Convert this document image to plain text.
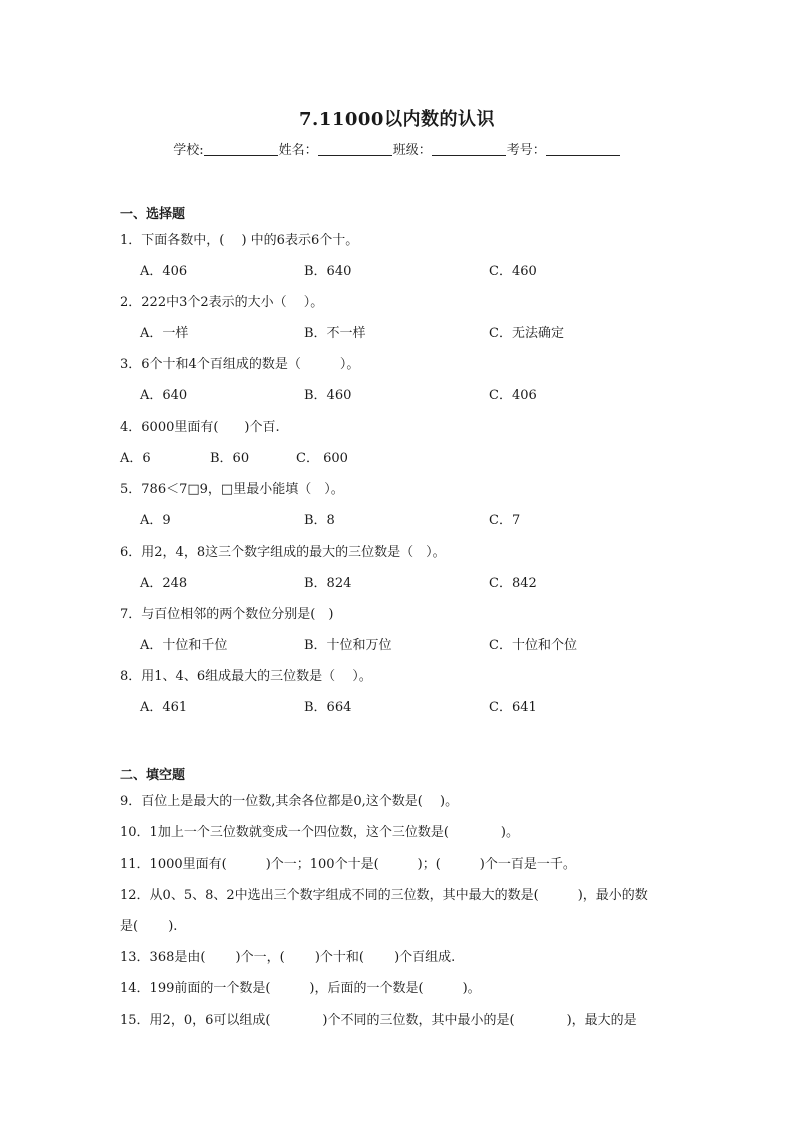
7.11000以内数的认识
学校:	姓名：	班级：	考号：
一、选择题
1．下面各数中，(　 ) 中的6表示6个十。
A．406	B．640	C．460
2．222中3个2表示的大小（　 ）。
A．一样	B．不一样	C．无法确定
3．6个十和4个百组成的数是（　　　）。
A．640	B．460	C．406
4．6000里面有(　　)个百.
A．6	B．60	C． 600
5．786＜7□9，□里最小能填（　）。
A．9	B．8	C．7
6．用2，4，8这三个数字组成的最大的三位数是（　）。
A．248	B．824	C．842
7．与百位相邻的两个数位分别是(　)
A．十位和千位	B．十位和万位	C．十位和个位
8．用1、4、6组成最大的三位数是（　 ）。
A．461	B．664	C．641
二、填空题
9．百位上是最大的一位数,其余各位都是0,这个数是(　 )。
10．1加上一个三位数就变成一个四位数，这个三位数是(　　　　)。
11．1000里面有(　　　)个一；100个十是(　　　)；(　　　)个一百是一千。
12．从0、5、8、2中选出三个数字组成不同的三位数，其中最大的数是(　　　)，最小的数
是(　　 ).
13．368是由(　　 )个一，(　　 )个十和(　　 )个百组成.
14．199前面的一个数是(　　　)，后面的一个数是(　　　)。
15．用2，0，6可以组成(　　　　)个不同的三位数，其中最小的是(　　　　)，最大的是
